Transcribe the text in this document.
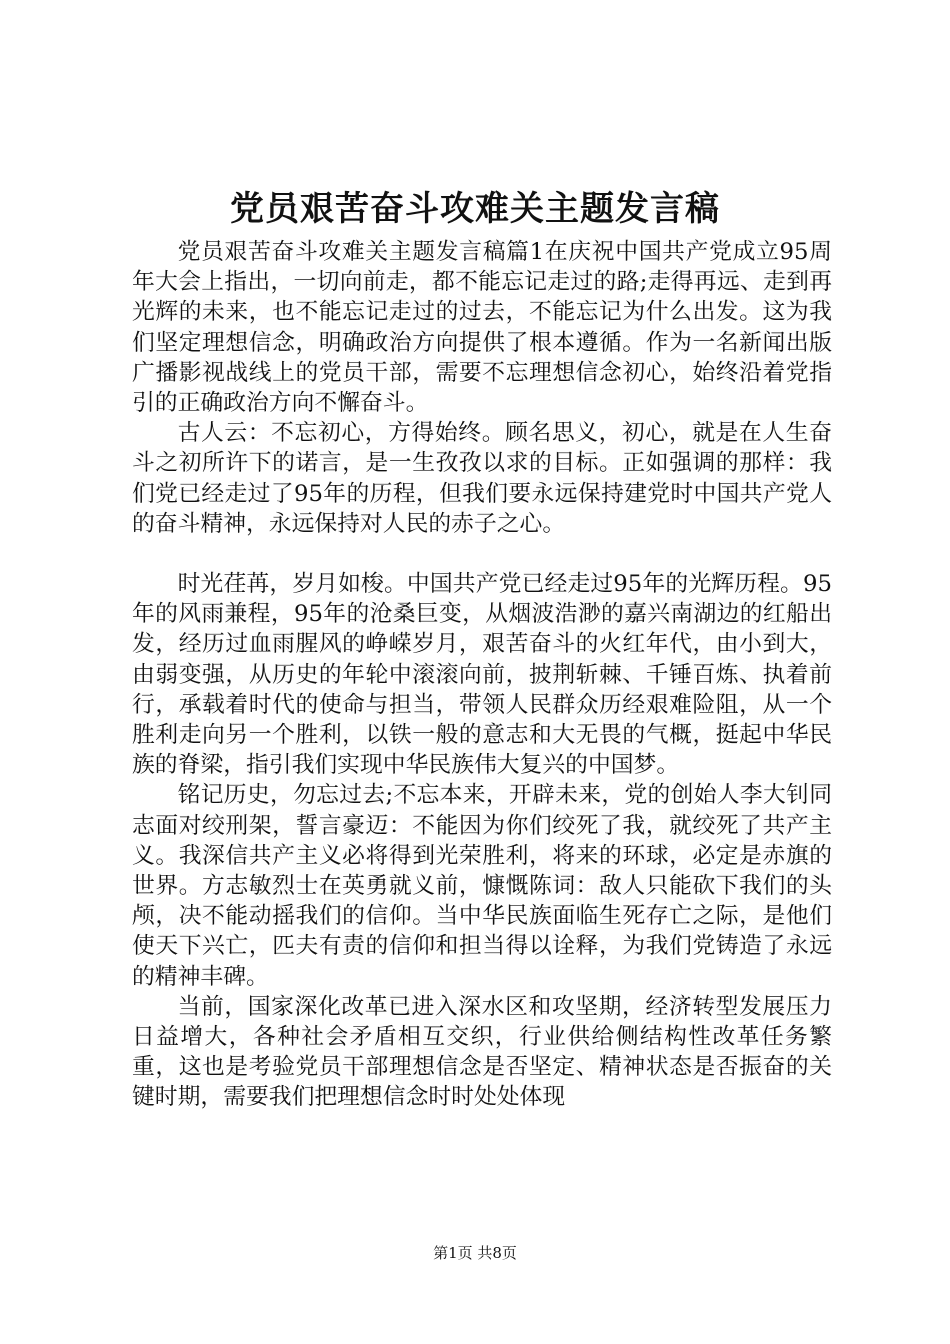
党员艰苦奋斗攻难关主题发言稿

党员艰苦奋斗攻难关主题发言稿篇1在庆祝中国共产党成立95周年大会上指出，一切向前走，都不能忘记走过的路;走得再远、走到再光辉的未来，也不能忘记走过的过去，不能忘记为什么出发。这为我们坚定理想信念，明确政治方向提供了根本遵循。作为一名新闻出版广播影视战线上的党员干部，需要不忘理想信念初心，始终沿着党指引的正确政治方向不懈奋斗。

古人云：不忘初心，方得始终。顾名思义，初心，就是在人生奋斗之初所许下的诺言，是一生孜孜以求的目标。正如强调的那样：我们党已经走过了95年的历程，但我们要永远保持建党时中国共产党人的奋斗精神，永远保持对人民的赤子之心。

时光荏苒，岁月如梭。中国共产党已经走过95年的光辉历程。95年的风雨兼程，95年的沧桑巨变，从烟波浩渺的嘉兴南湖边的红船出发，经历过血雨腥风的峥嵘岁月，艰苦奋斗的火红年代，由小到大，由弱变强，从历史的年轮中滚滚向前，披荆斩棘、千锤百炼、执着前行，承载着时代的使命与担当，带领人民群众历经艰难险阻，从一个胜利走向另一个胜利，以铁一般的意志和大无畏的气概，挺起中华民族的脊梁，指引我们实现中华民族伟大复兴的中国梦。

铭记历史，勿忘过去;不忘本来，开辟未来，党的创始人李大钊同志面对绞刑架，誓言豪迈：不能因为你们绞死了我，就绞死了共产主义。我深信共产主义必将得到光荣胜利，将来的环球，必定是赤旗的世界。方志敏烈士在英勇就义前，慷慨陈词：敌人只能砍下我们的头颅，决不能动摇我们的信仰。当中华民族面临生死存亡之际，是他们使天下兴亡，匹夫有责的信仰和担当得以诠释，为我们党铸造了永远的精神丰碑。

当前，国家深化改革已进入深水区和攻坚期，经济转型发展压力日益增大，各种社会矛盾相互交织，行业供给侧结构性改革任务繁重，这也是考验党员干部理想信念是否坚定、精神状态是否振奋的关键时期，需要我们把理想信念时时处处体现

第1页 共8页
